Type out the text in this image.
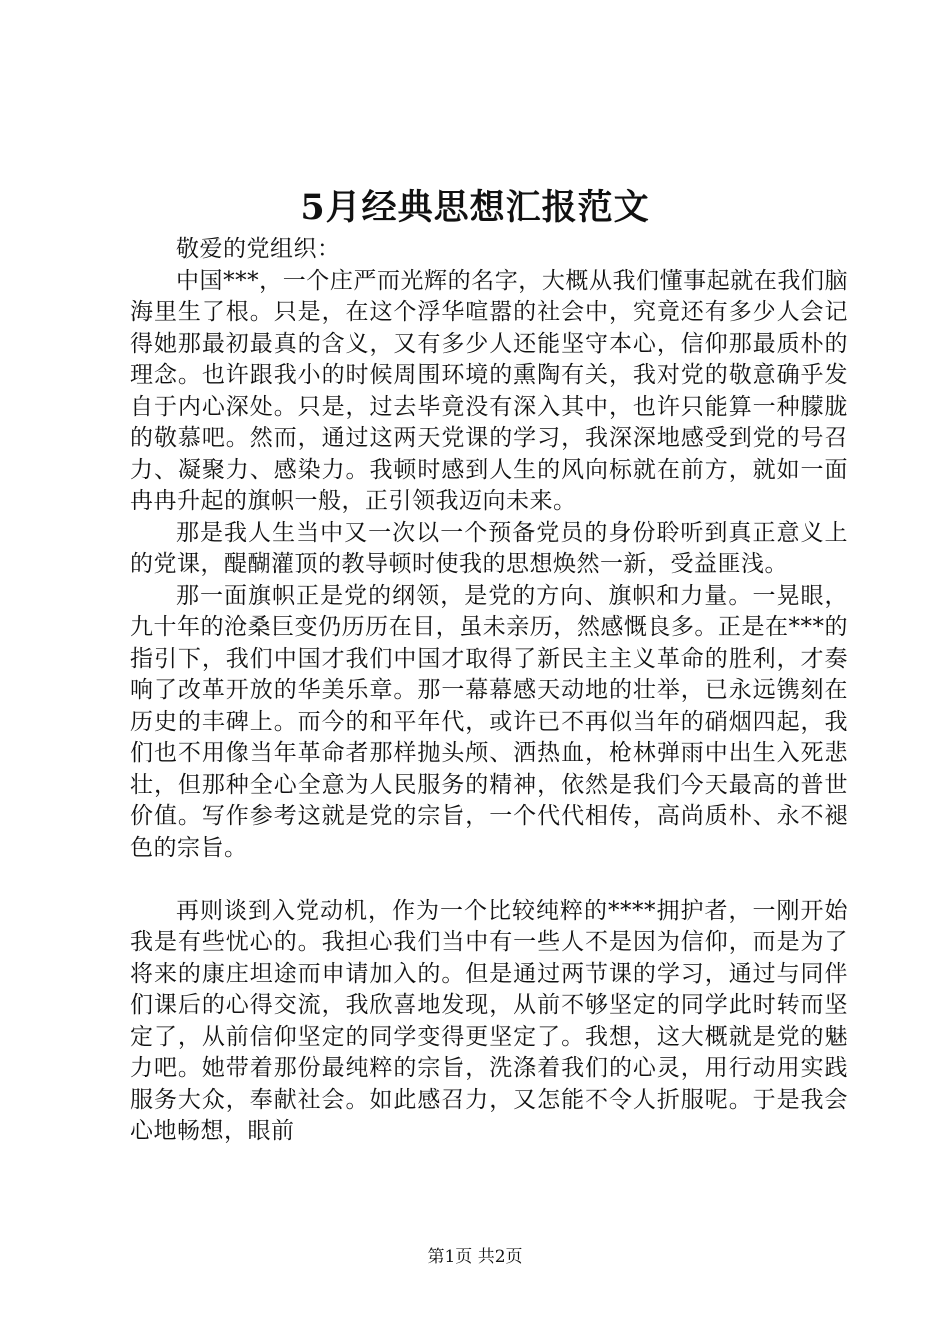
5月经典思想汇报范文

敬爱的党组织：

中国***，一个庄严而光辉的名字，大概从我们懂事起就在我们脑海里生了根。只是，在这个浮华喧嚣的社会中，究竟还有多少人会记得她那最初最真的含义，又有多少人还能坚守本心，信仰那最质朴的理念。也许跟我小的时候周围环境的熏陶有关，我对党的敬意确乎发自于内心深处。只是，过去毕竟没有深入其中，也许只能算一种朦胧的敬慕吧。然而，通过这两天党课的学习，我深深地感受到党的号召力、凝聚力、感染力。我顿时感到人生的风向标就在前方，就如一面冉冉升起的旗帜一般，正引领我迈向未来。

那是我人生当中又一次以一个预备党员的身份聆听到真正意义上的党课，醍醐灌顶的教导顿时使我的思想焕然一新，受益匪浅。

那一面旗帜正是党的纲领，是党的方向、旗帜和力量。一晃眼，九十年的沧桑巨变仍历历在目，虽未亲历，然感慨良多。正是在***的指引下，我们中国才我们中国才取得了新民主主义革命的胜利，才奏响了改革开放的华美乐章。那一幕幕感天动地的壮举，已永远镌刻在历史的丰碑上。而今的和平年代，或许已不再似当年的硝烟四起，我们也不用像当年革命者那样抛头颅、洒热血，枪林弹雨中出生入死悲壮，但那种全心全意为人民服务的精神，依然是我们今天最高的普世价值。写作参考这就是党的宗旨，一个代代相传，高尚质朴、永不褪色的宗旨。

再则谈到入党动机，作为一个比较纯粹的****拥护者，一刚开始我是有些忧心的。我担心我们当中有一些人不是因为信仰，而是为了将来的康庄坦途而申请加入的。但是通过两节课的学习，通过与同伴们课后的心得交流，我欣喜地发现，从前不够坚定的同学此时转而坚定了，从前信仰坚定的同学变得更坚定了。我想，这大概就是党的魅力吧。她带着那份最纯粹的宗旨，洗涤着我们的心灵，用行动用实践服务大众，奉献社会。如此感召力，又怎能不令人折服呢。于是我会心地畅想，眼前

第1页 共2页
